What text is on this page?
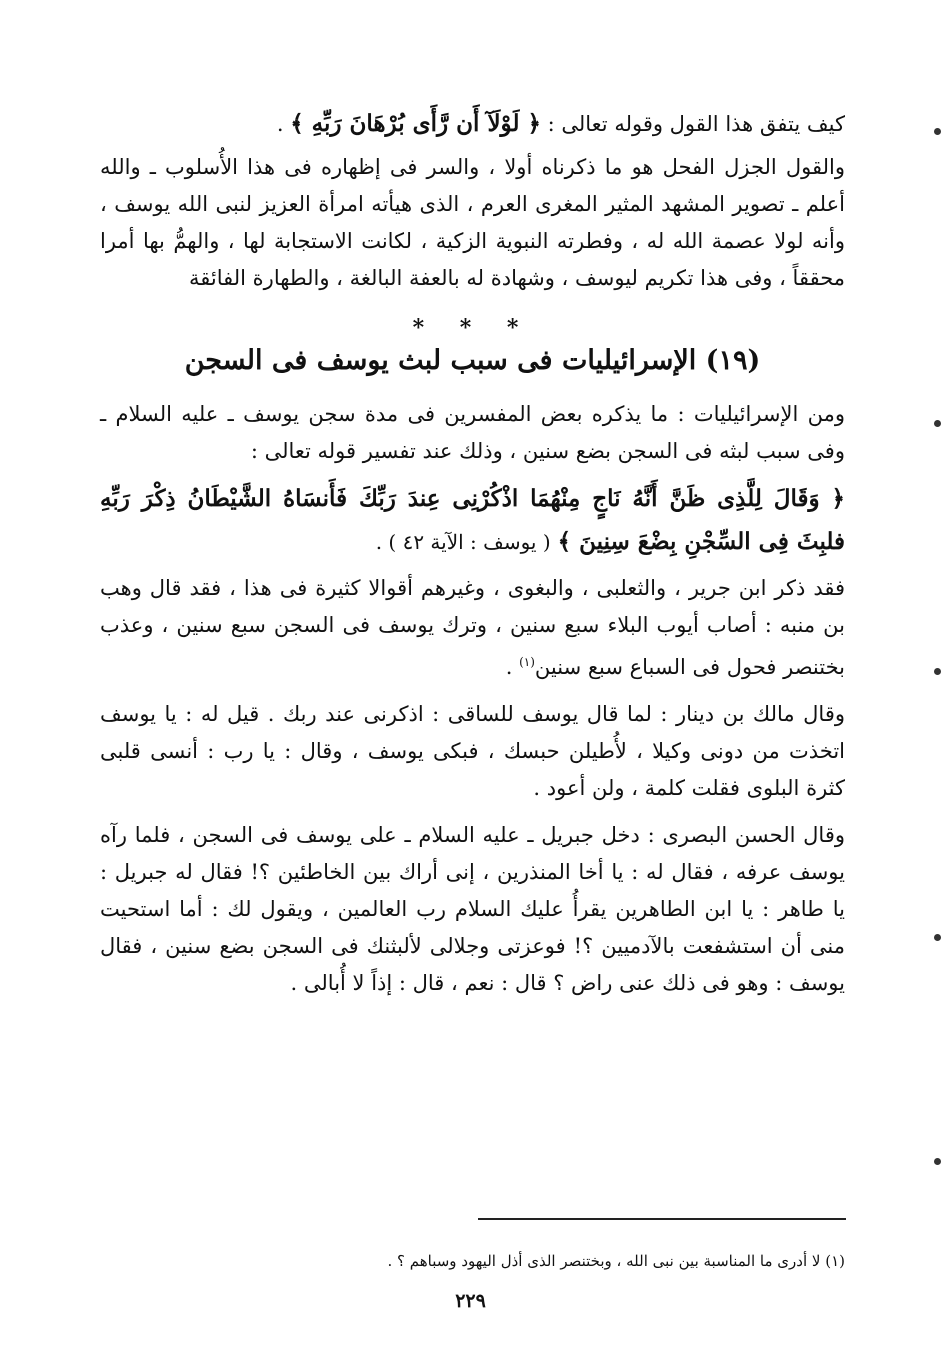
كيف يتفق هذا القول وقوله تعالى : ﴿ لَوْلَآ أَن رَّأَى بُرْهَانَ رَبِّهِ ﴾ .

والقول الجزل الفحل هو ما ذكرناه أولا ، والسر فى إظهاره فى هذا الأُسلوب ـ والله أعلم ـ تصوير المشهد المثير المغرى العرم ، الذى هيأته امرأة العزيز لنبى الله يوسف ، وأنه لولا عصمة الله له ، وفطرته النبوية الزكية ، لكانت الاستجابة لها ، والهمُّ بها أمرا محققاً ، وفى هذا تكريم ليوسف ، وشهادة له بالعفة البالغة ، والطهارة الفائقة

* * *
(١٩) الإسرائيليات فى سبب لبث يوسف فى السجن

ومن الإسرائيليات : ما يذكره بعض المفسرين فى مدة سجن يوسف ـ عليه السلام ـ وفى سبب لبثه فى السجن بضع سنين ، وذلك عند تفسير قوله تعالى :

﴿ وَقَالَ لِلَّذِى ظَنَّ أَنَّهُ نَاجٍ مِنْهُمَا اذْكُرْنِى عِندَ رَبِّكَ فَأَنسَاهُ الشَّيْطَانُ ذِكْرَ رَبِّهِ فلبِثَ فِى السِّجْنِ بِضْعَ سِنِينَ ﴾ ( يوسف : الآية ٤٢ ) .

فقد ذكر ابن جرير ، والثعلبى ، والبغوى ، وغيرهم أقوالا كثيرة فى هذا ، فقد قال وهب بن منبه : أصاب أيوب البلاء سبع سنين ، وترك يوسف فى السجن سبع سنين ، وعذب بختنصر فحول فى السباع سبع سنين$^{(١)}$ .

وقال مالك بن دينار : لما قال يوسف للساقى : اذكرنى عند ربك . قيل له : يا يوسف اتخذت من دونى وكيلا ، لأُطيلن حبسك ، فبكى يوسف ، وقال : يا رب : أنسى قلبى كثرة البلوى فقلت كلمة ، ولن أعود .

وقال الحسن البصرى : دخل جبريل ـ عليه السلام ـ على يوسف فى السجن ، فلما رآه يوسف عرفه ، فقال له : يا أخا المنذرين ، إنى أراك بين الخاطئين ؟! فقال له جبريل : يا طاهر : يا ابن الطاهرين يقرأُ عليك السلام رب العالمين ، ويقول لك : أما استحيت منى أن استشفعت بالآدميين ؟! فوعزتى وجلالى لألبثنك فى السجن بضع سنين ، فقال يوسف : وهو فى ذلك عنى راض ؟ قال : نعم ، قال : إذاً لا أُبالى .

(١) لا أدرى ما المناسبة بين نبى الله ، وبختنصر الذى أذل اليهود وسباهم ؟ .
٢٢٩
